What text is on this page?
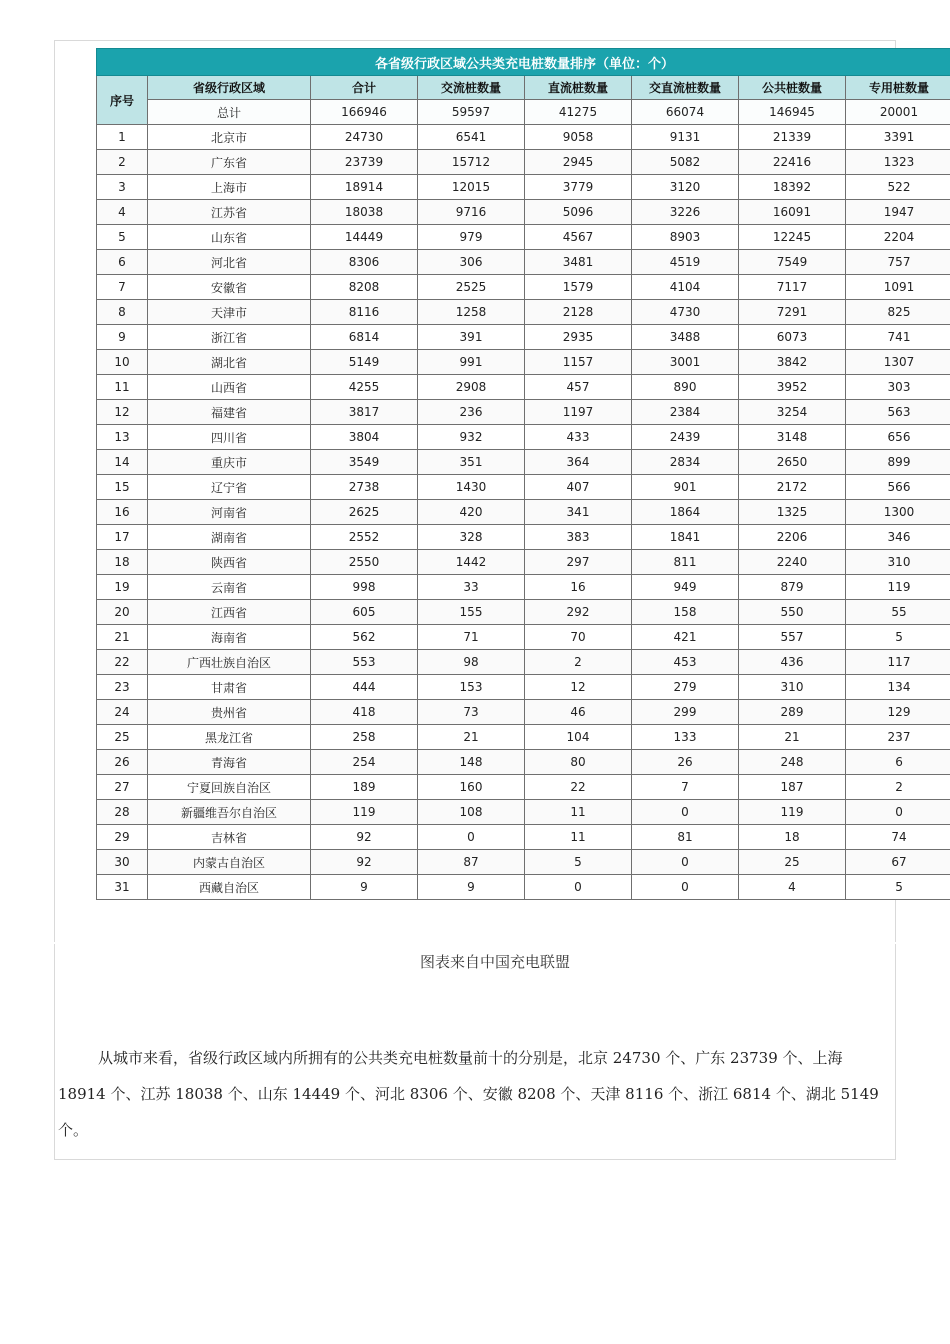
各省级行政区域公共类充电桩数量排序（单位：个）							
序号	省级行政区域	合计	交流桩数量	直流桩数量	交直流桩数量	公共桩数量	专用桩数量
	总计	166946	59597	41275	66074	146945	20001
1	北京市	24730	6541	9058	9131	21339	3391
2	广东省	23739	15712	2945	5082	22416	1323
3	上海市	18914	12015	3779	3120	18392	522
4	江苏省	18038	9716	5096	3226	16091	1947
5	山东省	14449	979	4567	8903	12245	2204
6	河北省	8306	306	3481	4519	7549	757
7	安徽省	8208	2525	1579	4104	7117	1091
8	天津市	8116	1258	2128	4730	7291	825
9	浙江省	6814	391	2935	3488	6073	741
10	湖北省	5149	991	1157	3001	3842	1307
11	山西省	4255	2908	457	890	3952	303
12	福建省	3817	236	1197	2384	3254	563
13	四川省	3804	932	433	2439	3148	656
14	重庆市	3549	351	364	2834	2650	899
15	辽宁省	2738	1430	407	901	2172	566
16	河南省	2625	420	341	1864	1325	1300
17	湖南省	2552	328	383	1841	2206	346
18	陕西省	2550	1442	297	811	2240	310
19	云南省	998	33	16	949	879	119
20	江西省	605	155	292	158	550	55
21	海南省	562	71	70	421	557	5
22	广西壮族自治区	553	98	2	453	436	117
23	甘肃省	444	153	12	279	310	134
24	贵州省	418	73	46	299	289	129
25	黑龙江省	258	21	104	133	21	237
26	青海省	254	148	80	26	248	6
27	宁夏回族自治区	189	160	22	7	187	2
28	新疆维吾尔自治区	119	108	11	0	119	0
29	吉林省	92	0	11	81	18	74
30	内蒙古自治区	92	87	5	0	25	67
31	西藏自治区	9	9	0	0	4	5
图表来自中国充电联盟
从城市来看，省级行政区域内所拥有的公共类充电桩数量前十的分别是，北京 24730 个、广东 23739 个、上海
18914 个、江苏 18038 个、山东 14449 个、河北 8306 个、安徽 8208 个、天津 8116 个、浙江 6814 个、湖北 5149
个。
